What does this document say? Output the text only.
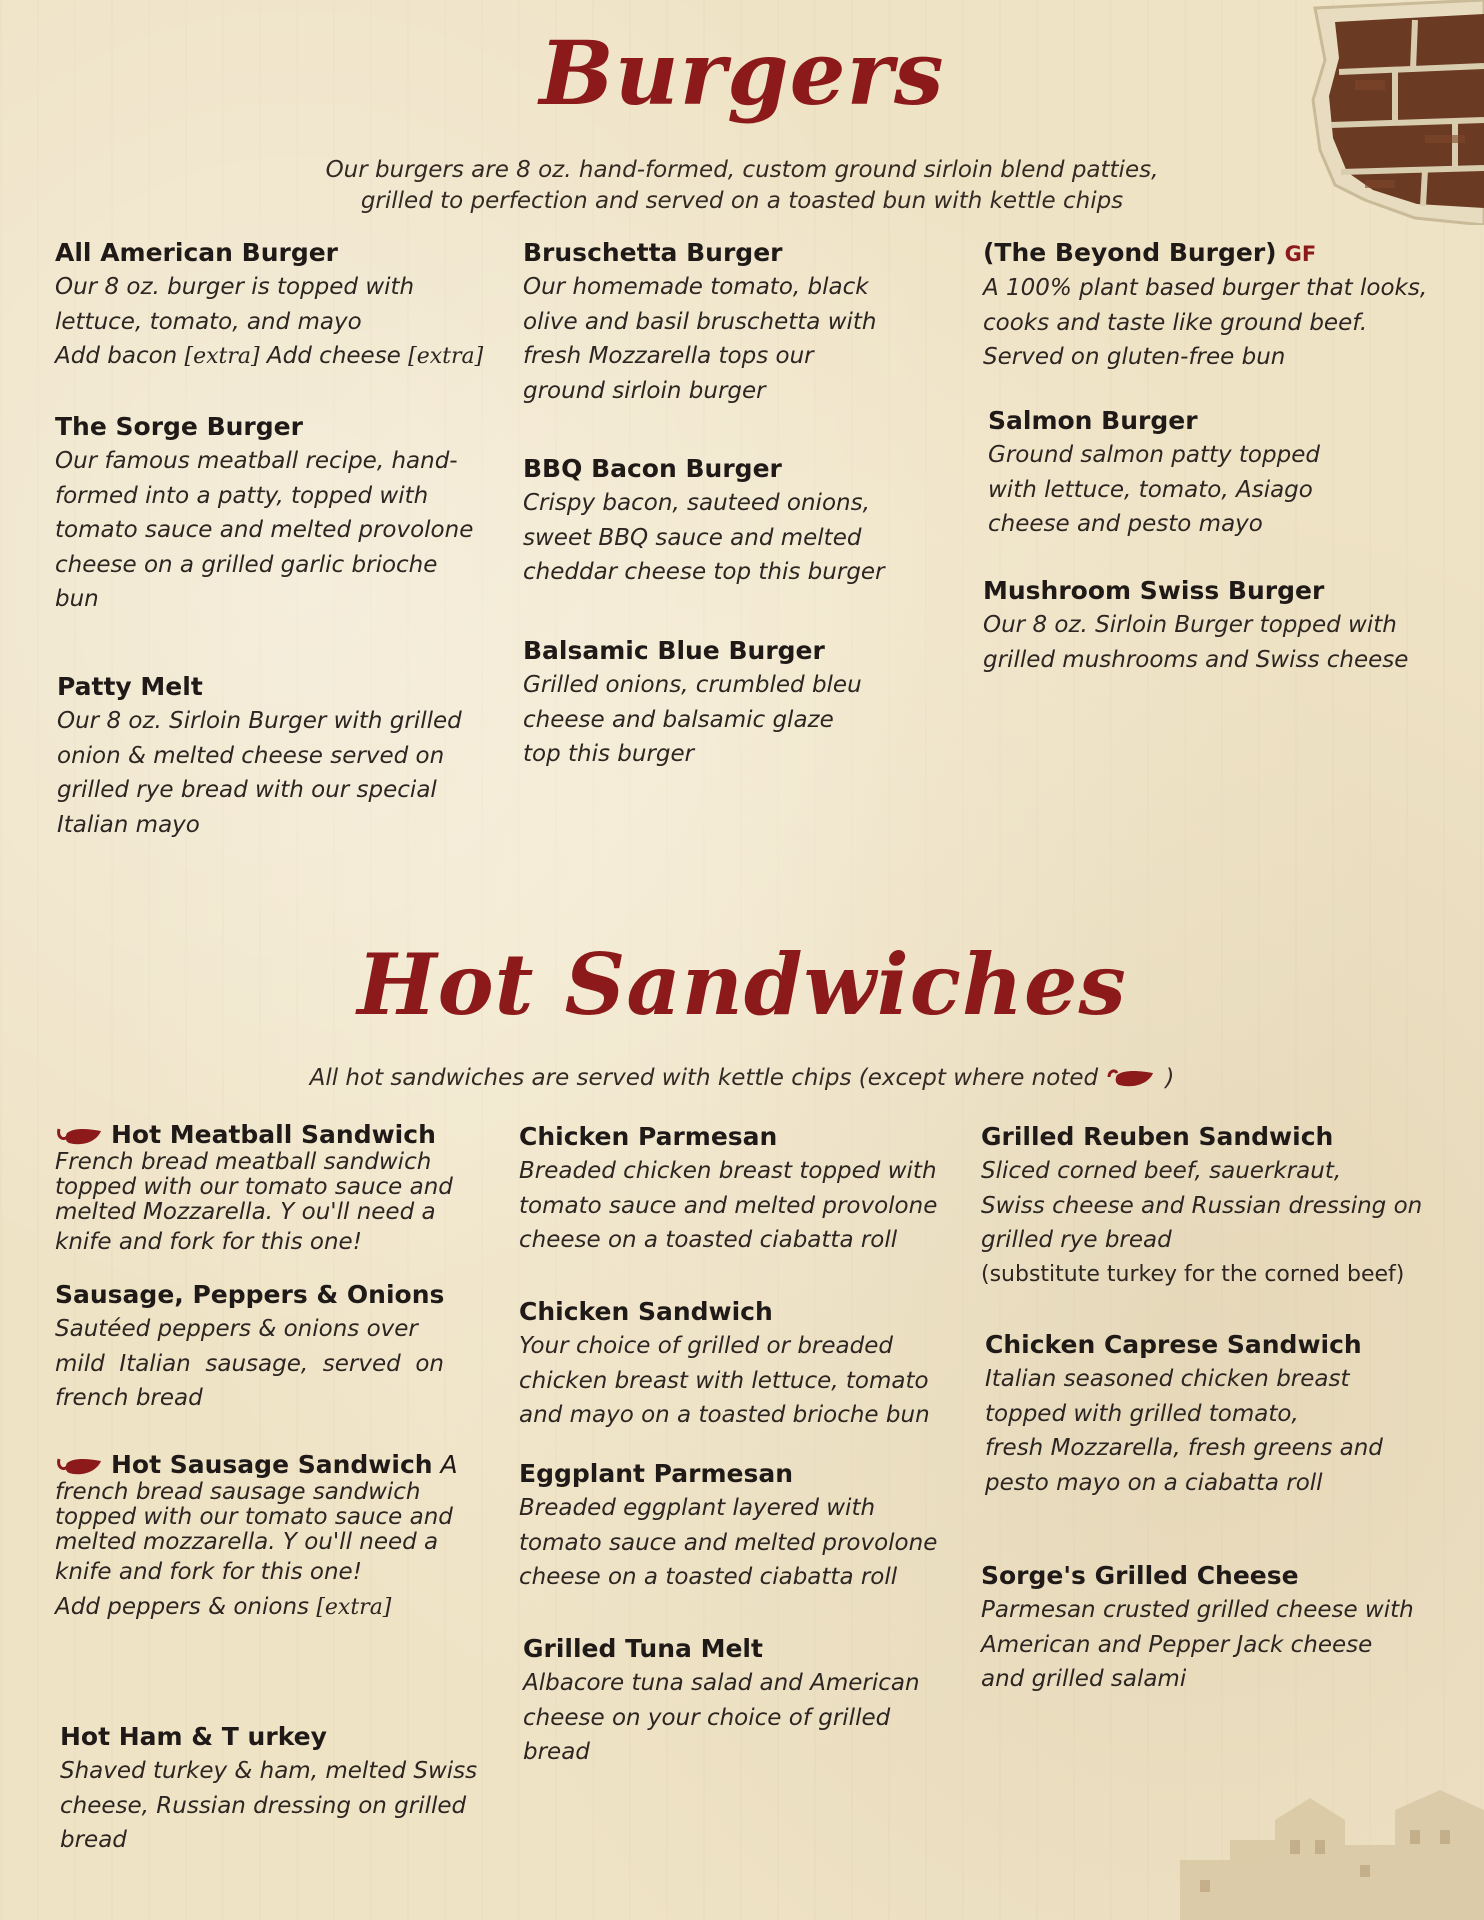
Burgers
Our burgers are 8 oz. hand-formed, custom ground sirloin blend patties,
grilled to perfection and served on a toasted bun with kettle chips
All American Burger
Our 8 oz. burger is topped with
lettuce, tomato, and mayo
Add bacon [extra] Add cheese [extra]
The Sorge Burger
Our famous meatball recipe, hand-
formed into a patty, topped with
tomato sauce and melted provolone
cheese on a grilled garlic brioche
bun
Patty Melt
Our 8 oz. Sirloin Burger with grilled
onion & melted cheese served on
grilled rye bread with our special
Italian mayo
Bruschetta Burger
Our homemade tomato, black
olive and basil bruschetta with
fresh Mozzarella tops our
ground sirloin burger
BBQ Bacon Burger
Crispy bacon, sauteed onions,
sweet BBQ sauce and melted
cheddar cheese top this burger
Balsamic Blue Burger
Grilled onions, crumbled bleu
cheese and balsamic glaze
top this burger
(The Beyond Burger) GF
A 100% plant based burger that looks,
cooks and taste like ground beef.
Served on gluten-free bun
Salmon Burger
Ground salmon patty topped
with lettuce, tomato, Asiago
cheese and pesto mayo
Mushroom Swiss Burger
Our 8 oz. Sirloin Burger topped with
grilled mushrooms and Swiss cheese
Hot Sandwiches
All hot sandwiches are served with kettle chips (except where noted	)
Hot Meatball Sandwich
French bread meatball sandwich
topped with our tomato sauce and
melted Mozzarella. Y ou'll need a
knife and fork for this one!
Sausage, Peppers & Onions
Sautéed peppers & onions over
mild  Italian  sausage,  served  on
french bread
Hot Sausage Sandwich A
french bread sausage sandwich
topped with our tomato sauce and
melted mozzarella. Y ou'll need a
knife and fork for this one!
Add peppers & onions [extra]
Hot Ham & T urkey
Shaved turkey & ham, melted Swiss
cheese, Russian dressing on grilled
bread
Chicken Parmesan
Breaded chicken breast topped with
tomato sauce and melted provolone
cheese on a toasted ciabatta roll
Chicken Sandwich
Your choice of grilled or breaded
chicken breast with lettuce, tomato
and mayo on a toasted brioche bun
Eggplant Parmesan
Breaded eggplant layered with
tomato sauce and melted provolone
cheese on a toasted ciabatta roll
Grilled Tuna Melt
Albacore tuna salad and American
cheese on your choice of grilled
bread
Grilled Reuben Sandwich
Sliced corned beef, sauerkraut,
Swiss cheese and Russian dressing on
grilled rye bread
(substitute turkey for the corned beef)
Chicken Caprese Sandwich
Italian seasoned chicken breast
topped with grilled tomato,
fresh Mozzarella, fresh greens and
pesto mayo on a ciabatta roll
Sorge's Grilled Cheese
Parmesan crusted grilled cheese with
American and Pepper Jack cheese
and grilled salami
